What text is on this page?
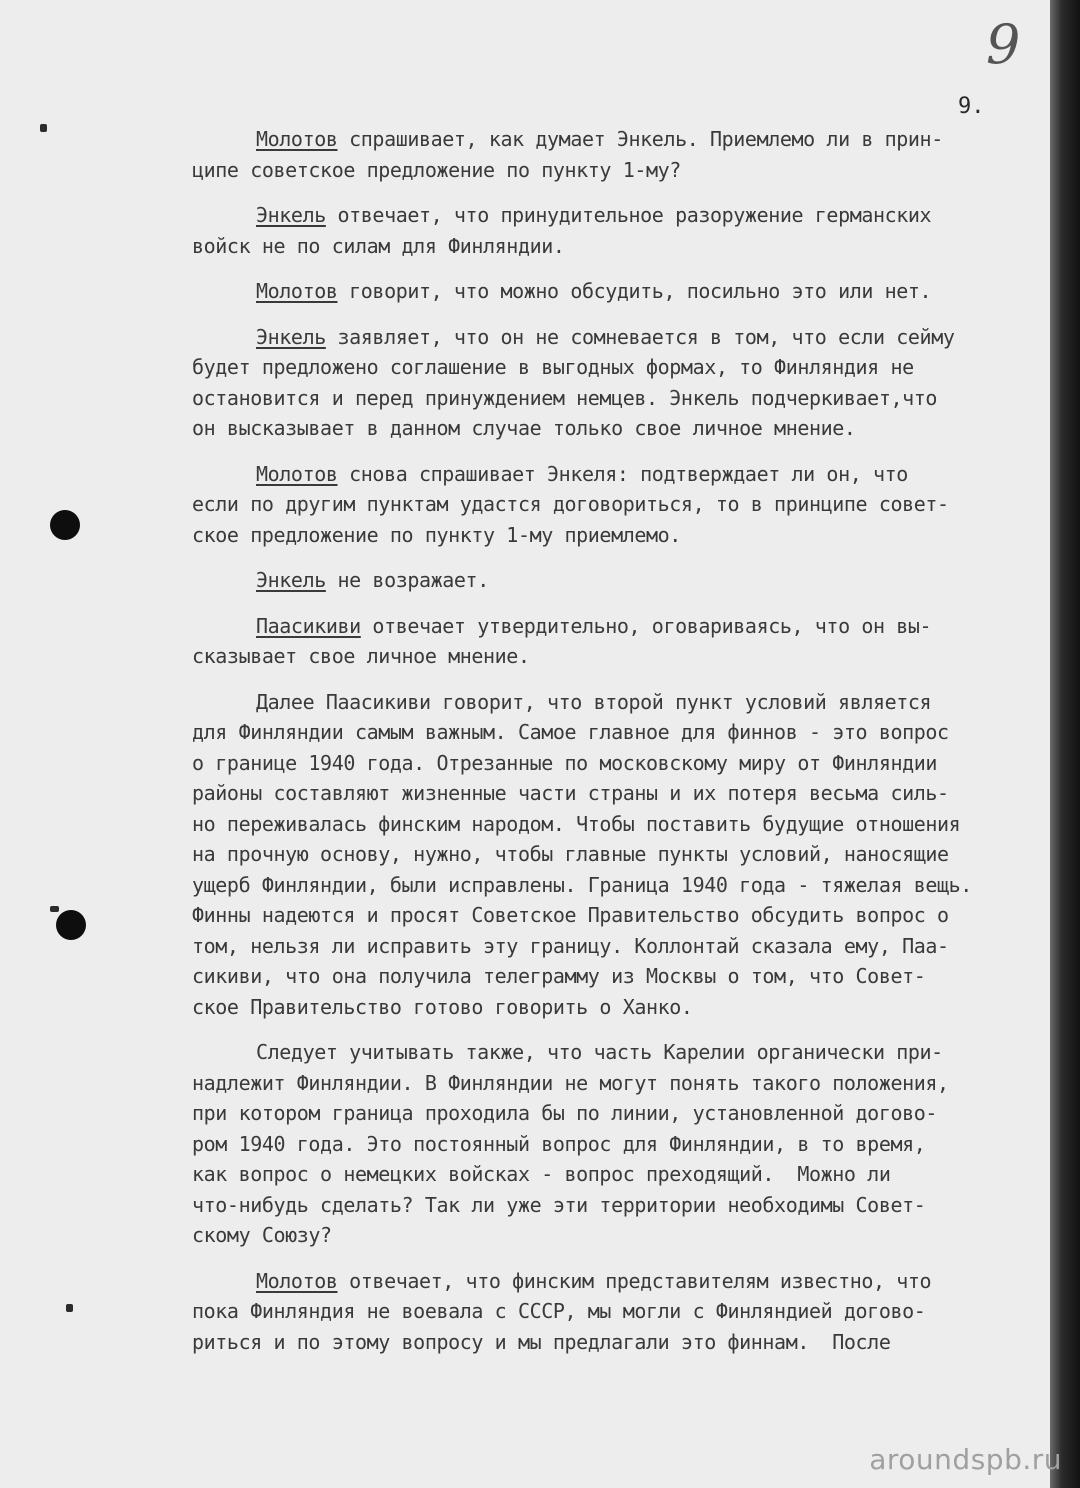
9
9.
Молотов спрашивает, как думает Энкель. Приемлемо ли в прин-
ципе советское предложение по пункту 1-му?
Энкель отвечает, что принудительное разоружение германских
войск не по силам для Финляндии.
Молотов говорит, что можно обсудить, посильно это или нет.
Энкель заявляет, что он не сомневается в том, что если сейму
будет предложено соглашение в выгодных формах, то Финляндия не
остановится и перед принуждением немцев. Энкель подчеркивает,что
он высказывает в данном случае только свое личное мнение.
Молотов снова спрашивает Энкеля: подтверждает ли он, что
если по другим пунктам удастся договориться, то в принципе совет-
ское предложение по пункту 1-му приемлемо.
Энкель не возражает.
Паасикиви отвечает утвердительно, оговариваясь, что он вы-
сказывает свое личное мнение.
Далее Паасикиви говорит, что второй пункт условий является
для Финляндии самым важным. Самое главное для финнов - это вопрос
о границе 1940 года. Отрезанные по московскому миру от Финляндии
районы составляют жизненные части страны и их потеря весьма силь-
но переживалась финским народом. Чтобы поставить будущие отношения
на прочную основу, нужно, чтобы главные пункты условий, наносящие
ущерб Финляндии, были исправлены. Граница 1940 года - тяжелая вещь.
Финны надеются и просят Советское Правительство обсудить вопрос о
том, нельзя ли исправить эту границу. Коллонтай сказала ему, Паа-
сикиви, что она получила телеграмму из Москвы о том, что Совет-
ское Правительство готово говорить о Ханко.
Следует учитывать также, что часть Карелии органически при-
надлежит Финляндии. В Финляндии не могут понять такого положения,
при котором граница проходила бы по линии, установленной догово-
ром 1940 года. Это постоянный вопрос для Финляндии, в то время,
как вопрос о немецких войсках - вопрос преходящий.  Можно ли
что-нибудь сделать? Так ли уже эти территории необходимы Совет-
скому Союзу?
Молотов отвечает, что финским представителям известно, что
пока Финляндия не воевала с СССР, мы могли с Финляндией догово-
риться и по этому вопросу и мы предлагали это финнам.  После
aroundspb.ru
